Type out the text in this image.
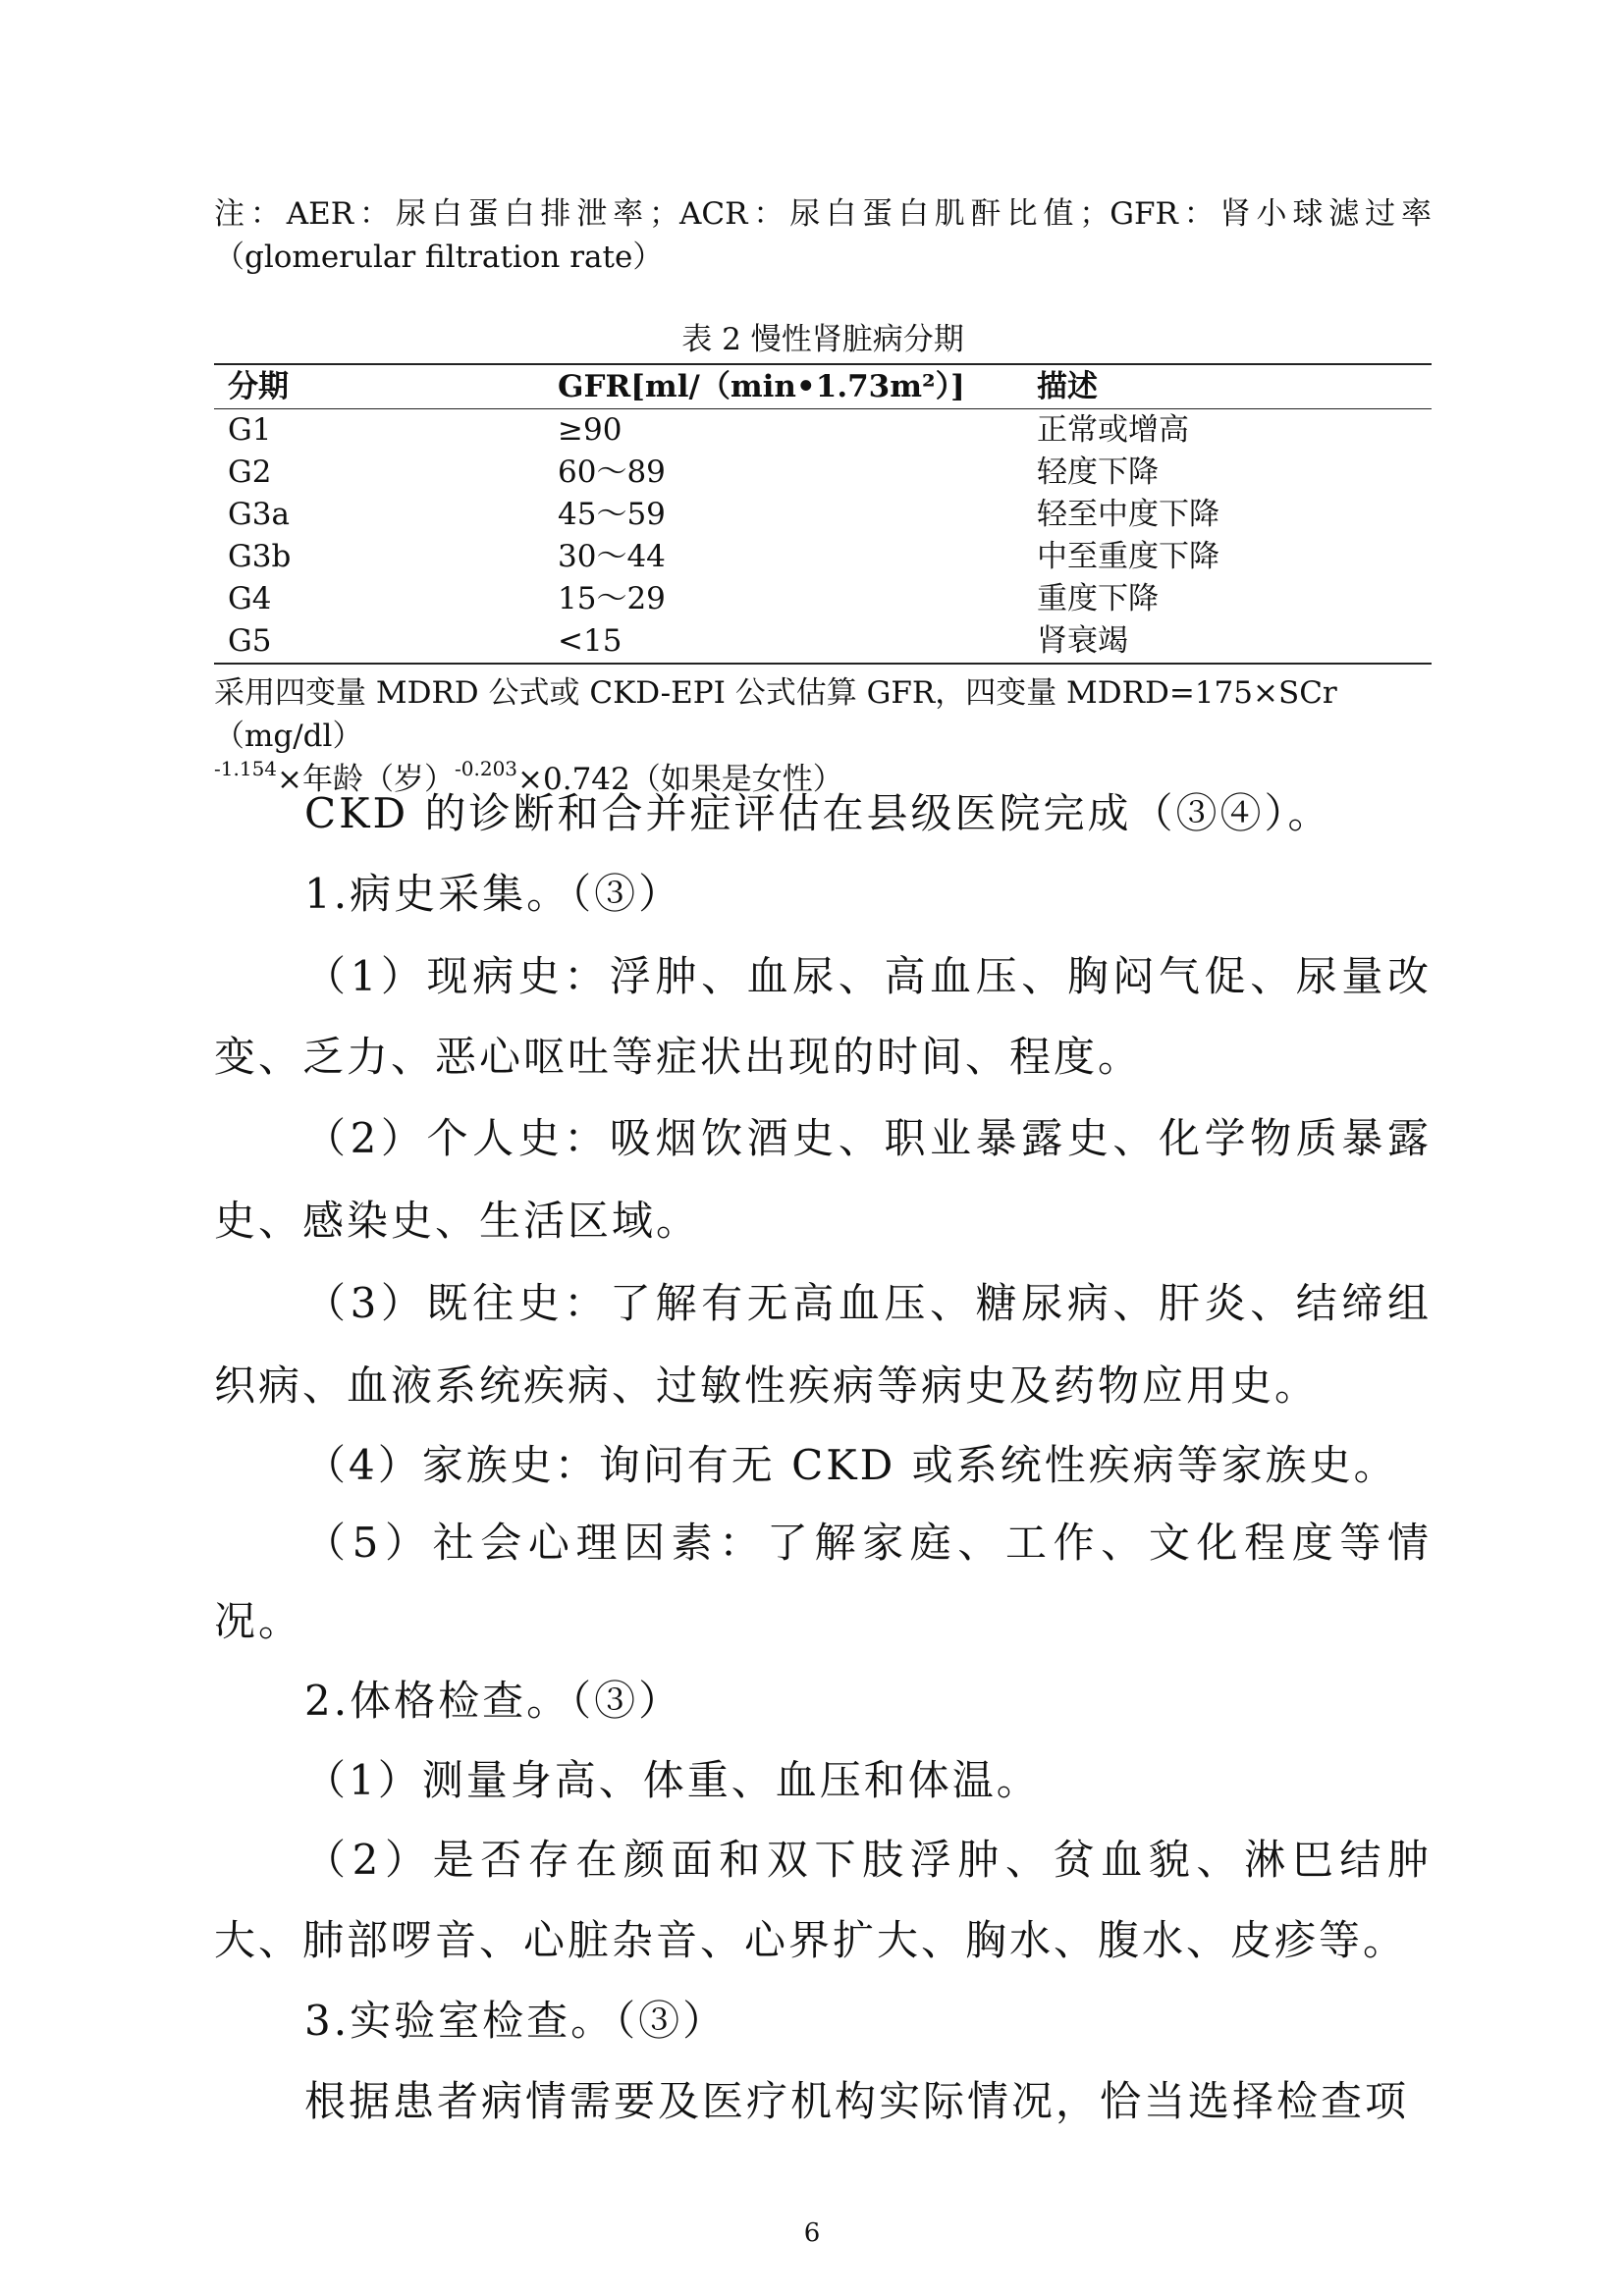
注：AER：尿白蛋白排泄率；ACR：尿白蛋白肌酐比值；GFR：肾小球滤过率（glomerular filtration rate）
表 2 慢性肾脏病分期
分期	GFR[ml/（min•1.73m²）]	描述
G1	≥90	正常或增高
G2	60～89	轻度下降
G3a	45～59	轻至中度下降
G3b	30～44	中至重度下降
G4	15～29	重度下降
G5	<15	肾衰竭
采用四变量 MDRD 公式或 CKD-EPI 公式估算 GFR，四变量 MDRD=175×SCr（mg/dl）
$^{-1.154}$×年龄（岁）$^{-0.203}$×0.742（如果是女性）

CKD 的诊断和合并症评估在县级医院完成（③④）。

1.病史采集。（③）

（1）现病史：浮肿、血尿、高血压、胸闷气促、尿量改变、乏力、恶心呕吐等症状出现的时间、程度。

（2）个人史：吸烟饮酒史、职业暴露史、化学物质暴露史、感染史、生活区域。

（3）既往史：了解有无高血压、糖尿病、肝炎、结缔组织病、血液系统疾病、过敏性疾病等病史及药物应用史。

（4）家族史：询问有无 CKD 或系统性疾病等家族史。

（5）社会心理因素：了解家庭、工作、文化程度等情况。

2.体格检查。（③）

（1）测量身高、体重、血压和体温。

（2）是否存在颜面和双下肢浮肿、贫血貌、淋巴结肿大、肺部啰音、心脏杂音、心界扩大、胸水、腹水、皮疹等。

3.实验室检查。（③）

根据患者病情需要及医疗机构实际情况，恰当选择检查项

6
